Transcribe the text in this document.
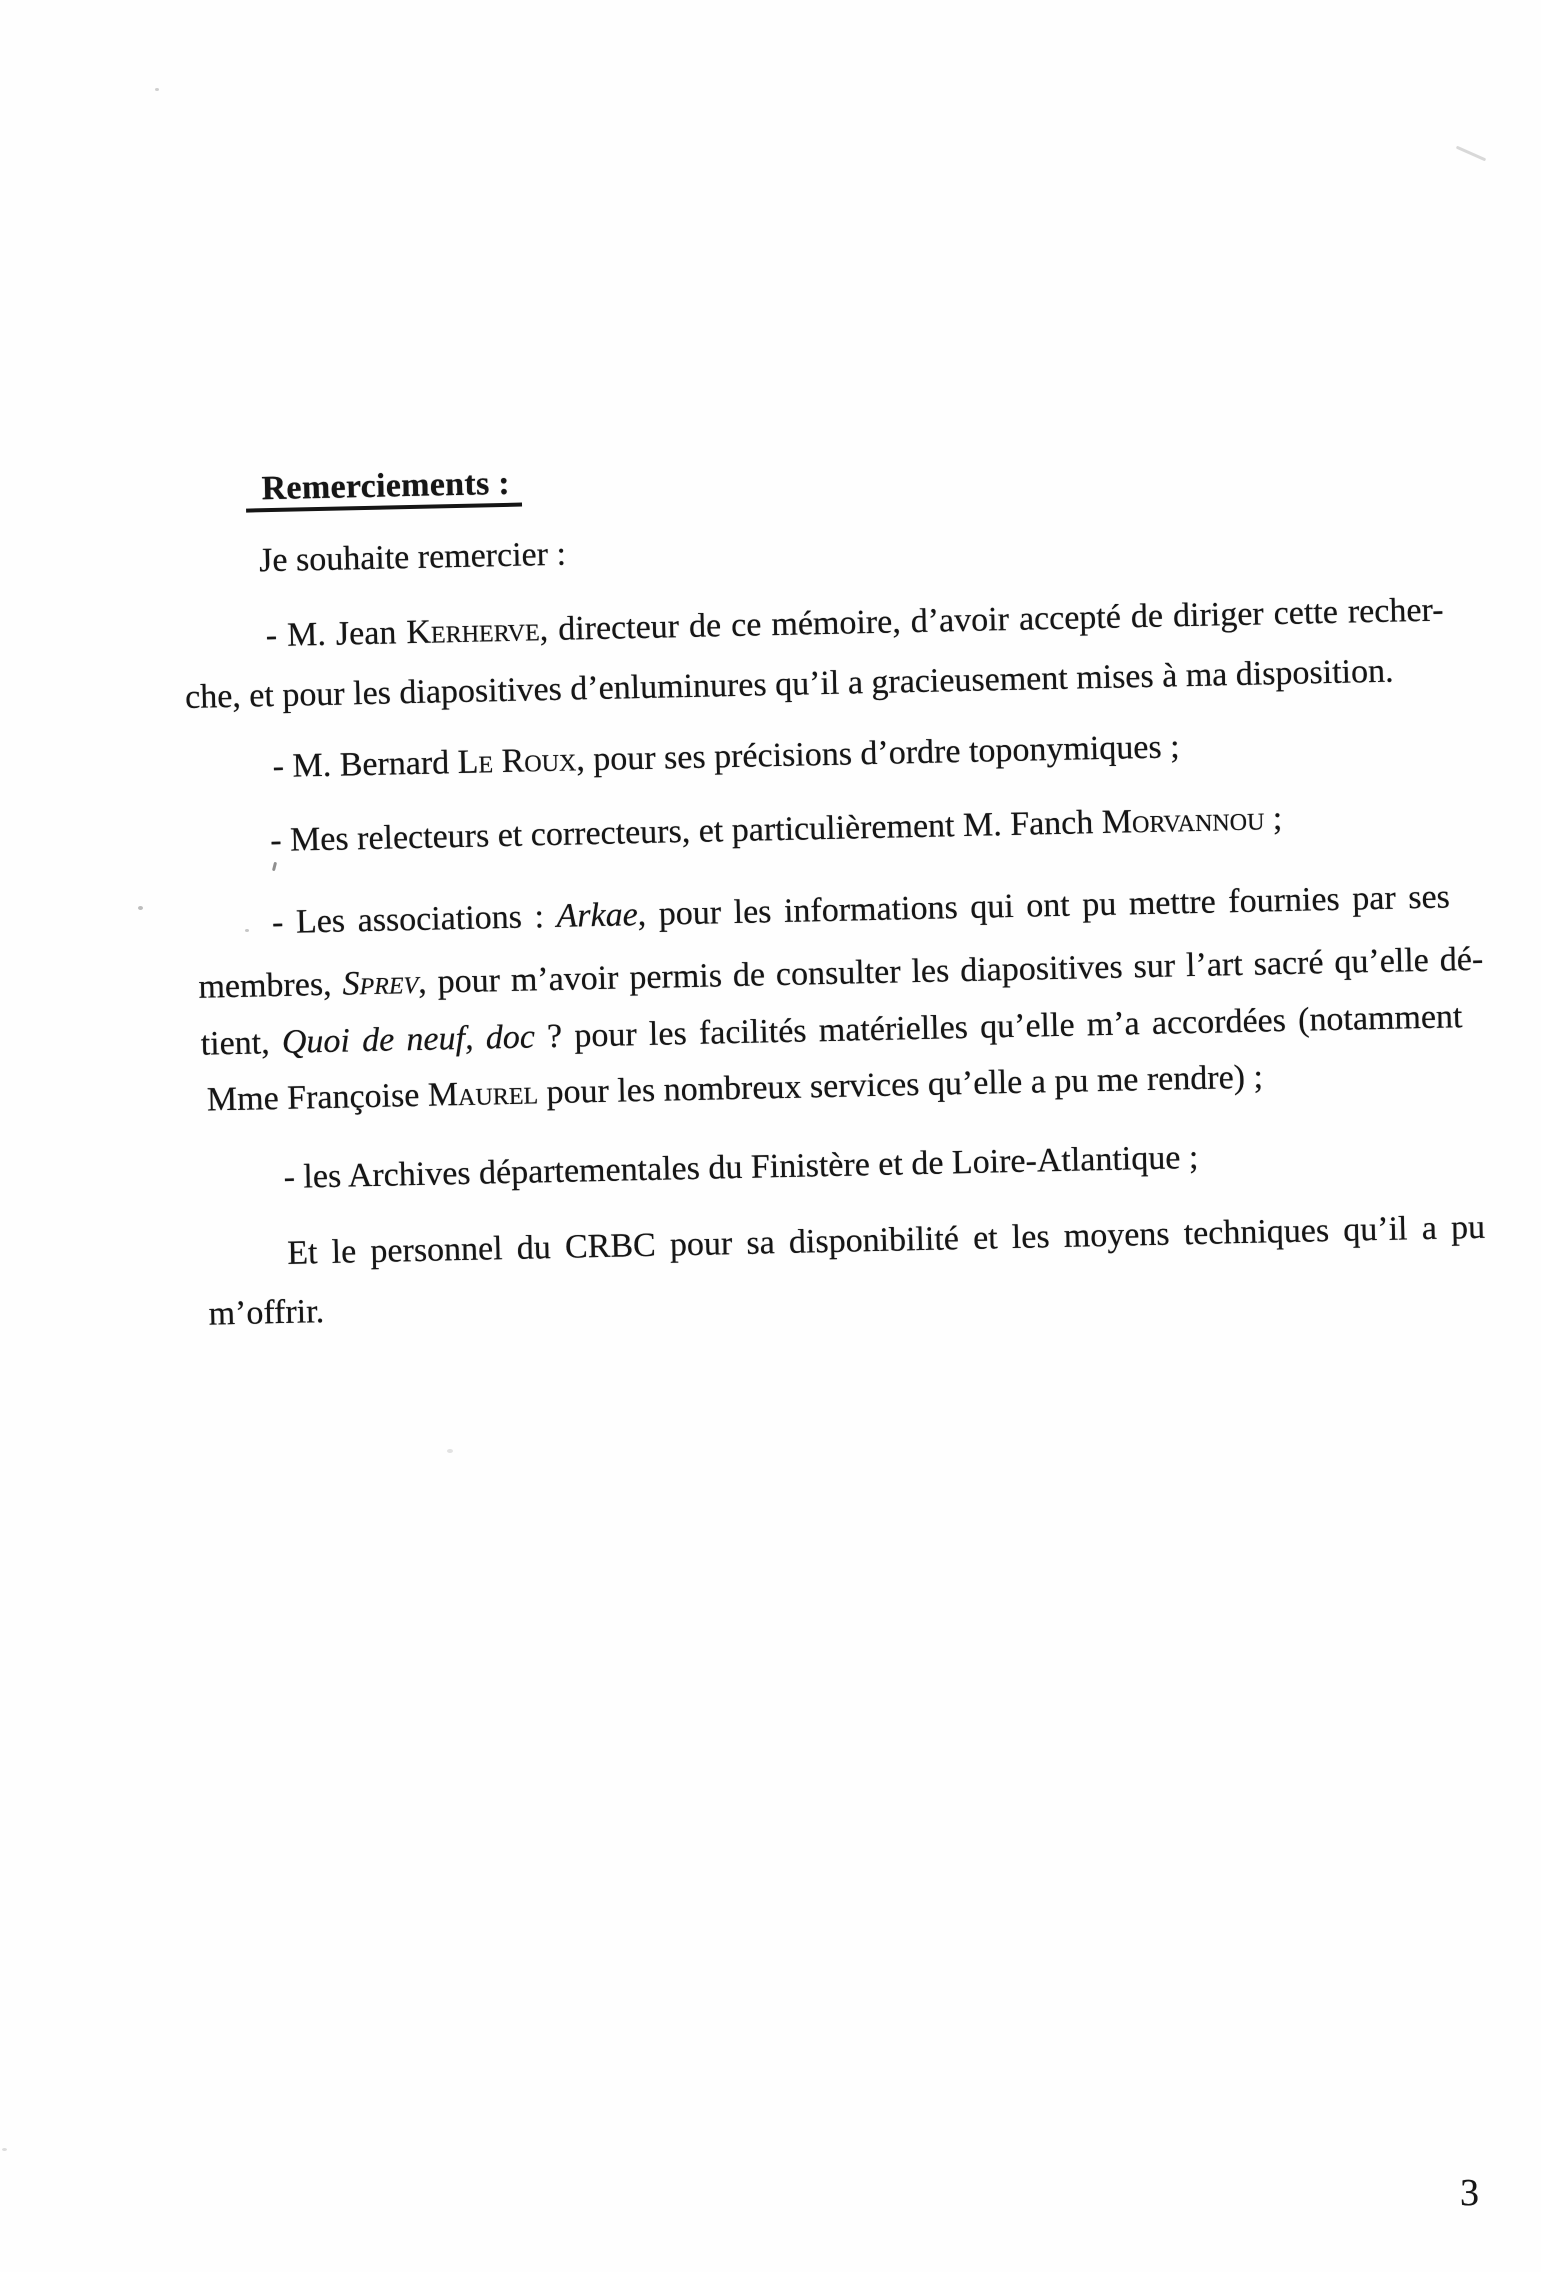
Remerciements :
Je souhaite remercier :
- M. Jean Kerherve, directeur de ce mémoire, d’avoir accepté de diriger cette recher-
che, et pour les diapositives d’enluminures qu’il a gracieusement mises à ma disposition.
- M. Bernard Le Roux, pour ses précisions d’ordre toponymiques ;
- Mes relecteurs et correcteurs, et particulièrement M. Fanch Morvannou ;
- Les associations : Arkae, pour les informations qui ont pu mettre fournies par ses
membres, Sprev, pour m’avoir permis de consulter les diapositives sur l’art sacré qu’elle dé-
tient, Quoi de neuf, doc ? pour les facilités matérielles qu’elle m’a accordées (notamment
Mme Françoise Maurel pour les nombreux services qu’elle a pu me rendre) ;
- les Archives départementales du Finistère et de Loire-Atlantique ;
Et le personnel du CRBC pour sa disponibilité et les moyens techniques qu’il a pu
m’offrir.
3
